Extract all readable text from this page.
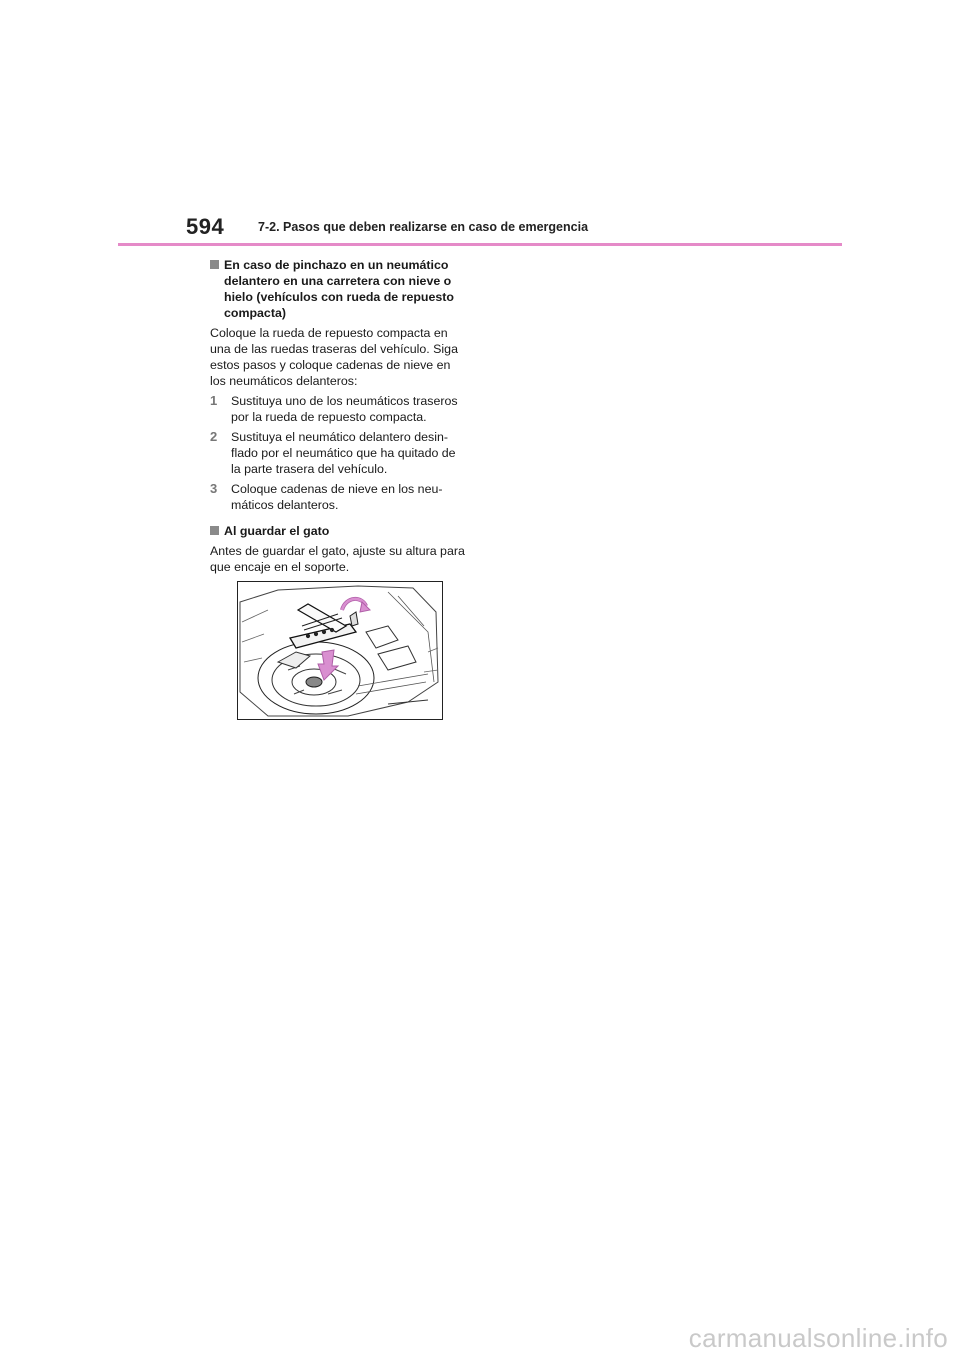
594	7-2. Pasos que deben realizarse en caso de emergencia
En caso de pinchazo en un neumático delantero en una carretera con nieve o hielo (vehículos con rueda de repuesto compacta)

Coloque la rueda de repuesto compacta en una de las ruedas traseras del vehículo. Siga estos pasos y coloque cadenas de nieve en los neumáticos delanteros:

1	Sustituya uno de los neumáticos traseros por la rueda de repuesto compacta.
2	Sustituya el neumático delantero desin-flado por el neumático que ha quitado de la parte trasera del vehículo.
3	Coloque cadenas de nieve en los neu-máticos delanteros.
Al guardar el gato

Antes de guardar el gato, ajuste su altura para que encaje en el soporte.

carmanualsonline.info
